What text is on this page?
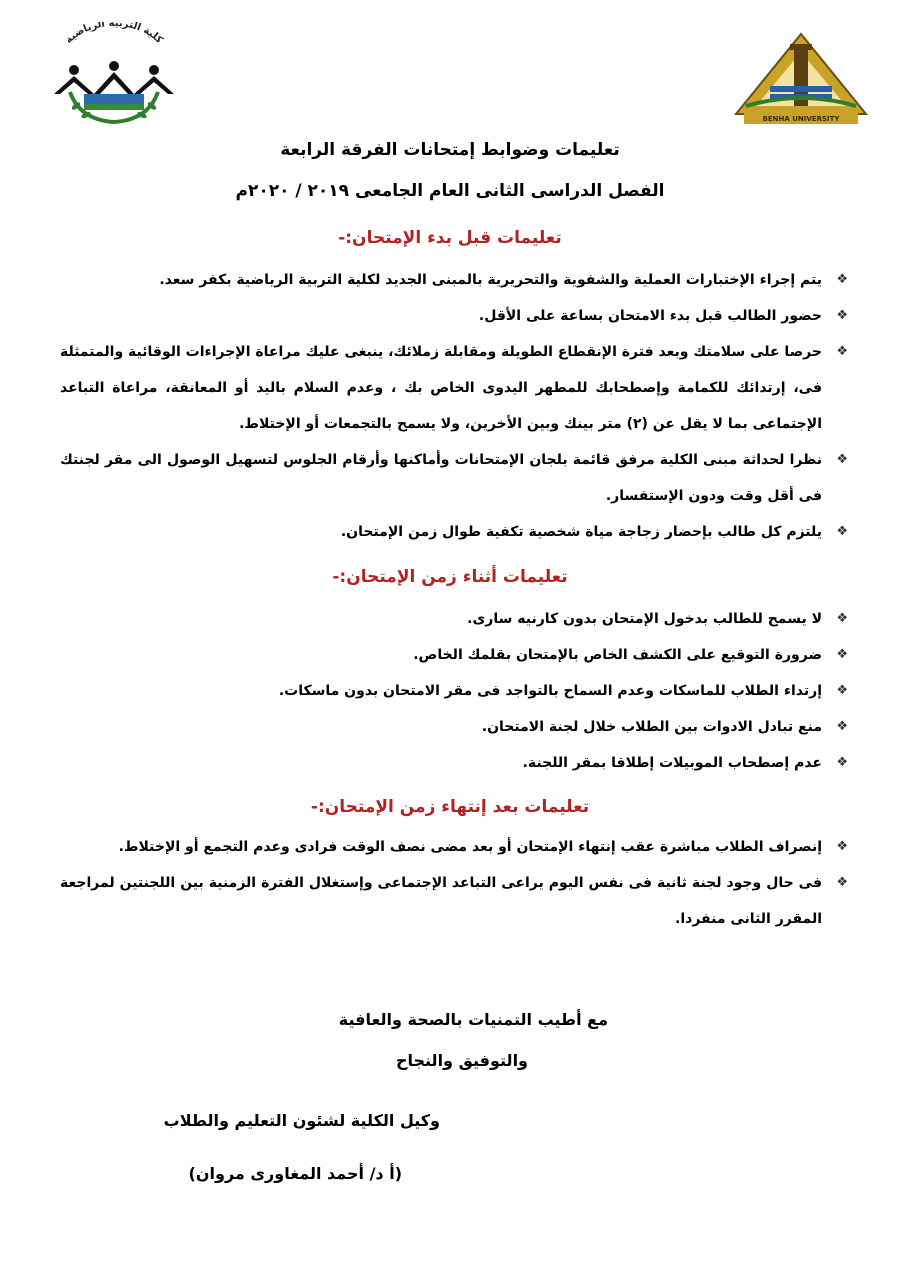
كلية التربية الرياضية
BENHA UNIVERSITY
تعليمات وضوابط إمتحانات الفرقة الرابعة
الفصل الدراسى الثانى العام الجامعى ٢٠١٩ / ٢٠٢٠م
تعليمات قبل بدء الإمتحان:-

❖
يتم إجراء الإختبارات العملية والشفوية والتحريرية بالمبنى الجديد لكلية التربية الرياضية بكفر سعد.

❖
حضور الطالب قبل بدء الامتحان بساعة على الأقل.

❖
حرصا على سلامتك وبعد فترة الإنقطاع الطويلة ومقابلة زملائك، ينبغى عليك مراعاة الإجراءات الوقائية والمتمثلة فى، إرتدائك للكمامة وإصطحابك للمطهر اليدوى الخاص بك ، وعدم السلام باليد أو المعانقة، مراعاة التباعد الإجتماعى بما لا يقل عن (٢) متر بينك وبين الأخرين، ولا يسمح بالتجمعات أو الإختلاط.

❖
نظرا لحداثة مبنى الكلية مرفق قائمة بلجان الإمتحانات وأماكنها وأرقام الجلوس لتسهيل الوصول الى مقر لجنتك فى أقل وقت ودون الإستفسار.

❖
يلتزم كل طالب بإحضار زجاجة مياة شخصية تكفية طوال زمن الإمتحان.

تعليمات أثناء زمن الإمتحان:-

❖
لا يسمح للطالب بدخول الإمتحان بدون كارنيه سارى.

❖
ضرورة التوقيع على الكشف الخاص بالإمتحان بقلمك الخاص.

❖
إرتداء الطلاب للماسكات وعدم السماح بالتواجد فى مقر الامتحان بدون ماسكات.

❖
منع تبادل الادوات بين الطلاب خلال لجنة الامتحان.

❖
عدم إصطحاب الموبيلات إطلاقا بمقر اللجنة.

تعليمات بعد إنتهاء زمن الإمتحان:-

❖
إنصراف الطلاب مباشرة عقب إنتهاء الإمتحان أو بعد مضى نصف الوقت فرادى وعدم التجمع أو الإختلاط.

❖
فى حال وجود لجنة ثانية فى نفس اليوم يراعى التباعد الإجتماعى وإستغلال الفترة الزمنية بين اللجنتين لمراجعة المقرر الثانى منفردا.

مع أطيب التمنيات بالصحة والعافية
والتوفيق والنجاح
وكيل الكلية لشئون التعليم والطلاب
(أ د/ أحمد المغاورى مروان)
